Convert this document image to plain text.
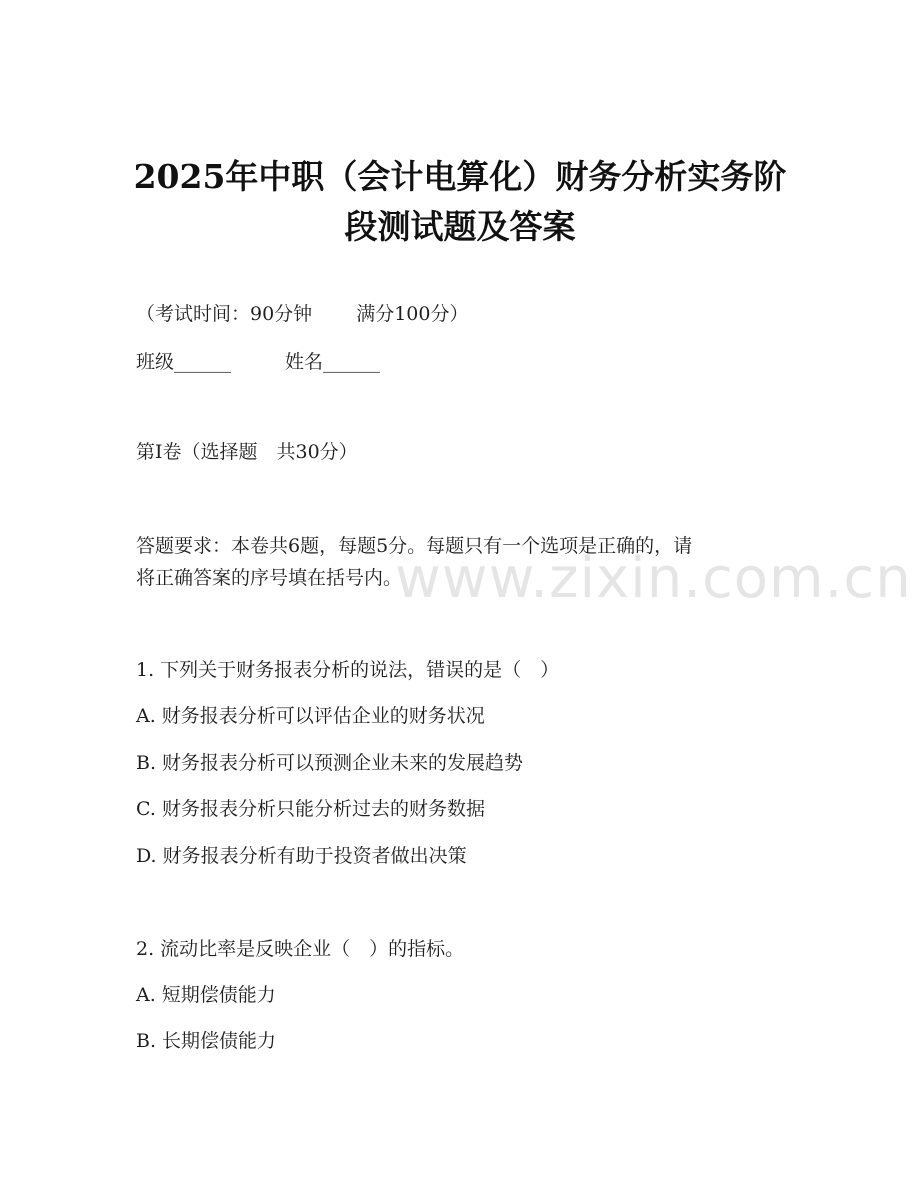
2025年中职（会计电算化）财务分析实务阶
段测试题及答案
（考试时间：90分钟 满分100分）
班级______	姓名______
第Ⅰ卷（选择题　共30分）
答题要求：本卷共6题，每题5分。每题只有一个选项是正确的，请
将正确答案的序号填在括号内。
1. 下列关于财务报表分析的说法，错误的是（　）
A. 财务报表分析可以评估企业的财务状况
B. 财务报表分析可以预测企业未来的发展趋势
C. 财务报表分析只能分析过去的财务数据
D. 财务报表分析有助于投资者做出决策
2. 流动比率是反映企业（　）的指标。
A. 短期偿债能力
B. 长期偿债能力
www.zixin.com.cn
